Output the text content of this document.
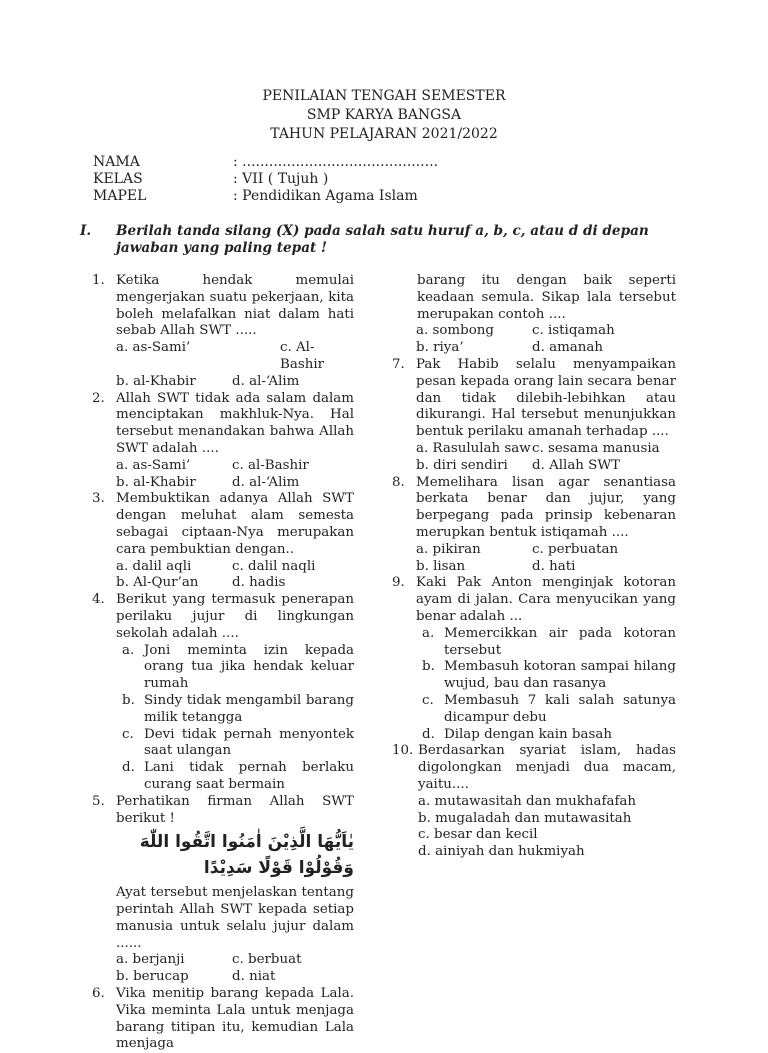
PENILAIAN TENGAH SEMESTER
SMP KARYA BANGSA
TAHUN PELAJARAN 2021/2022
NAMA	: ............................................
KELAS	: VII ( Tujuh )
MAPEL	: Pendidikan Agama Islam
I.	Berilah tanda silang (X) pada salah satu huruf a, b, c, atau d di depan jawaban yang paling tepat !
1. Ketika hendak memulai mengerjakan suatu pekerjaan, kita boleh melafalkan niat dalam hati sebab Allah SWT .....
a. as-Sami’	c. Al-Bashir
b. al-Khabir	d. al-‘Alim
2. Allah SWT tidak ada salam dalam menciptakan makhluk-Nya. Hal tersebut menandakan bahwa Allah SWT adalah ....
a. as-Sami’	c. al-Bashir
b. al-Khabir	d. al-‘Alim
3. Membuktikan adanya Allah SWT dengan meluhat alam semesta sebagai ciptaan-Nya merupakan cara pembuktian dengan..
a. dalil aqli	c. dalil naqli
b. Al-Qur’an	d. hadis
4. Berikut yang termasuk penerapan perilaku jujur di lingkungan sekolah adalah ....
a. Joni meminta izin kepada orang tua jika hendak keluar rumah
b. Sindy tidak mengambil barang milik tetangga
c. Devi tidak pernah menyontek saat ulangan
d. Lani tidak pernah berlaku curang saat bermain
5. Perhatikan firman Allah SWT berikut !
يٰاَيُّهَا الَّذِيْنَ اٰمَنُوا اتَّقُوا اللّٰهَ وَقُوْلُوْا قَوْلًا سَدِيْدًا
Ayat tersebut menjelaskan tentang perintah Allah SWT kepada setiap manusia untuk selalu jujur dalam ......
a. berjanji	c. berbuat
b. berucap	d. niat
6. Vika menitip barang kepada Lala. Vika meminta Lala untuk menjaga barang titipan itu, kemudian Lala menjaga
barang itu dengan baik seperti keadaan semula. Sikap lala tersebut merupakan contoh ....
a. sombong	c. istiqamah
b. riya’	d. amanah
7. Pak Habib selalu menyampaikan pesan kepada orang lain secara benar dan tidak dilebih-lebihkan atau dikurangi. Hal tersebut menunjukkan bentuk perilaku amanah terhadap ....
a. Rasululah saw c. sesama manusia
b. diri sendiri	d. Allah SWT
8. Memelihara lisan agar senantiasa berkata benar dan jujur, yang berpegang pada prinsip kebenaran merupkan bentuk istiqamah ....
a. pikiran	c. perbuatan
b. lisan	d. hati
9. Kaki Pak Anton menginjak kotoran ayam di jalan. Cara menyucikan yang benar adalah ...
a. Memercikkan air pada kotoran tersebut
b. Membasuh kotoran sampai hilang wujud, bau dan rasanya
c. Membasuh 7 kali salah satunya dicampur debu
d. Dilap dengan kain basah
10. Berdasarkan syariat islam, hadas digolongkan menjadi dua macam, yaitu....
a. mutawasitah dan mukhafafah
b. mugaladah dan mutawasitah
c. besar dan kecil
d. ainiyah dan hukmiyah
